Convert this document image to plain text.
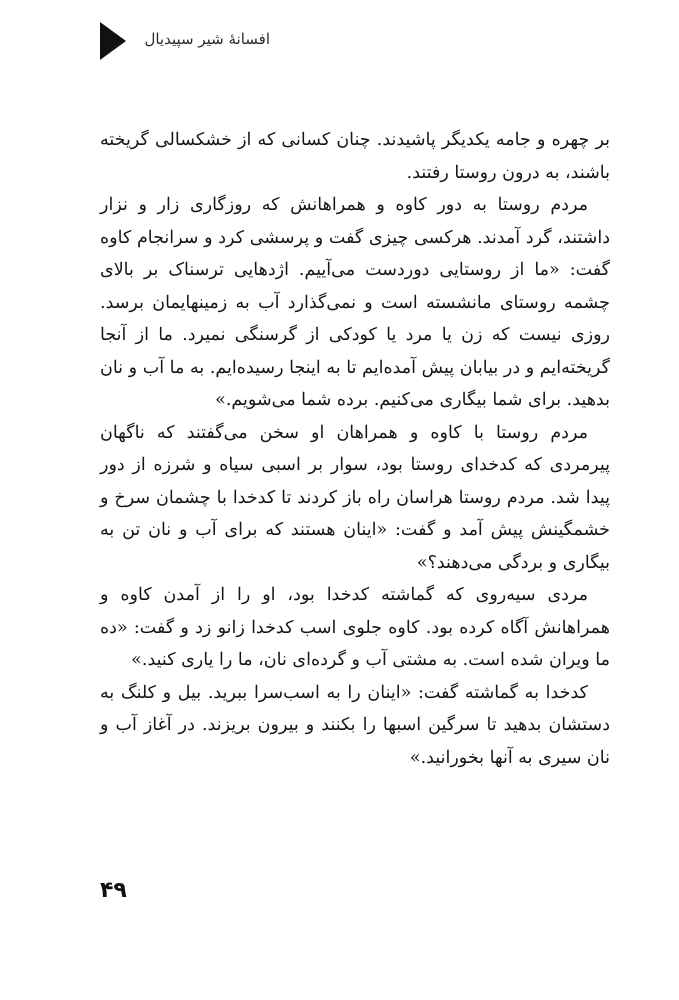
افسانهٔ شیر سپیدیال

بر چهره و جامه یکدیگر پاشیدند. چنان کسانی که از خشکسالی گریخته باشند، به درون روستا رفتند.

مردم روستا به دور کاوه و همراهانش که روزگاری زار و نزار داشتند، گرد آمدند. هرکسی چیزی گفت و پرسشی کرد و سرانجام کاوه گفت: «ما از روستایی دوردست می‌آییم. اژدهایی ترسناک بر بالای چشمه روستای مانشسته است و نمی‌گذارد آب به زمینهایمان برسد. روزی نیست که زن یا مرد یا کودکی از گرسنگی نمیرد. ما از آنجا گریخته‌ایم و در بیابان پیش آمده‌ایم تا به اینجا رسیده‌ایم. به ما آب و نان بدهید. برای شما بیگاری می‌کنیم. برده شما می‌شویم.»

مردم روستا با کاوه و همراهان او سخن می‌گفتند که ناگهان پیرمردی که کدخدای روستا بود، سوار بر اسبی سیاه و شرزه از دور پیدا شد. مردم روستا هراسان راه باز کردند تا کدخدا با چشمان سرخ و خشمگینش پیش آمد و گفت: «اینان هستند که برای آب و نان تن به بیگاری و بردگی می‌دهند؟»

مردی سیه‌روی که گماشته کدخدا بود، او را از آمدن کاوه و همراهانش آگاه کرده بود. کاوه جلوی اسب کدخدا زانو زد و گفت: «ده ما ویران شده است. به مشتی آب و گرده‌ای نان، ما را یاری کنید.»

کدخدا به گماشته گفت: «اینان را به اسب‌سرا ببرید. بیل و کلنگ به دستشان بدهید تا سرگین اسبها را بکنند و بیرون بریزند. در آغاز آب و نان سیری به آنها بخورانید.»

۴۹
